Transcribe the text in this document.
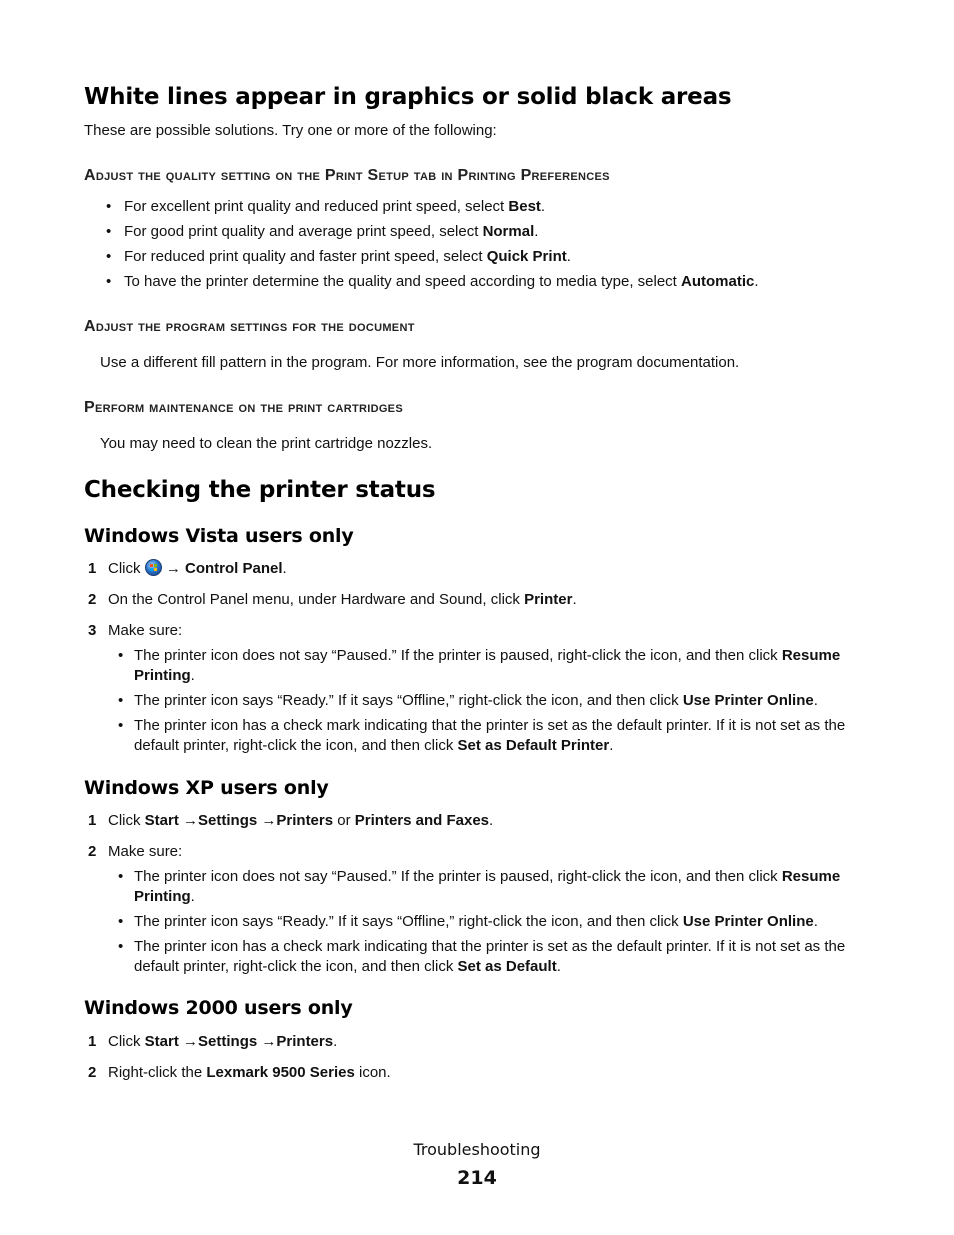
White lines appear in graphics or solid black areas

These are possible solutions. Try one or more of the following:

Adjust the quality setting on the Print Setup tab in Printing Preferences
• For excellent print quality and reduced print speed, select Best.
• For good print quality and average print speed, select Normal.
• For reduced print quality and faster print speed, select Quick Print.
• To have the printer determine the quality and speed according to media type, select Automatic.
Adjust the program settings for the document

Use a different fill pattern in the program. For more information, see the program documentation.

Perform maintenance on the print cartridges

You may need to clean the print cartridge nozzles.

Checking the printer status
Windows Vista users only
1 Click → Control Panel.
2 On the Control Panel menu, under Hardware and Sound, click Printer.
3 Make sure:
• The printer icon does not say “Paused.” If the printer is paused, right-click the icon, and then click Resume Printing.
• The printer icon says “Ready.” If it says “Offline,” right-click the icon, and then click Use Printer Online.
• The printer icon has a check mark indicating that the printer is set as the default printer. If it is not set as the default printer, right-click the icon, and then click Set as Default Printer.
Windows XP users only
1 Click Start →Settings →Printers or Printers and Faxes.
2 Make sure:
• The printer icon does not say “Paused.” If the printer is paused, right-click the icon, and then click Resume Printing.
• The printer icon says “Ready.” If it says “Offline,” right-click the icon, and then click Use Printer Online.
• The printer icon has a check mark indicating that the printer is set as the default printer. If it is not set as the default printer, right-click the icon, and then click Set as Default.
Windows 2000 users only
1 Click Start →Settings →Printers.
2 Right-click the Lexmark 9500 Series icon.
Troubleshooting
214
